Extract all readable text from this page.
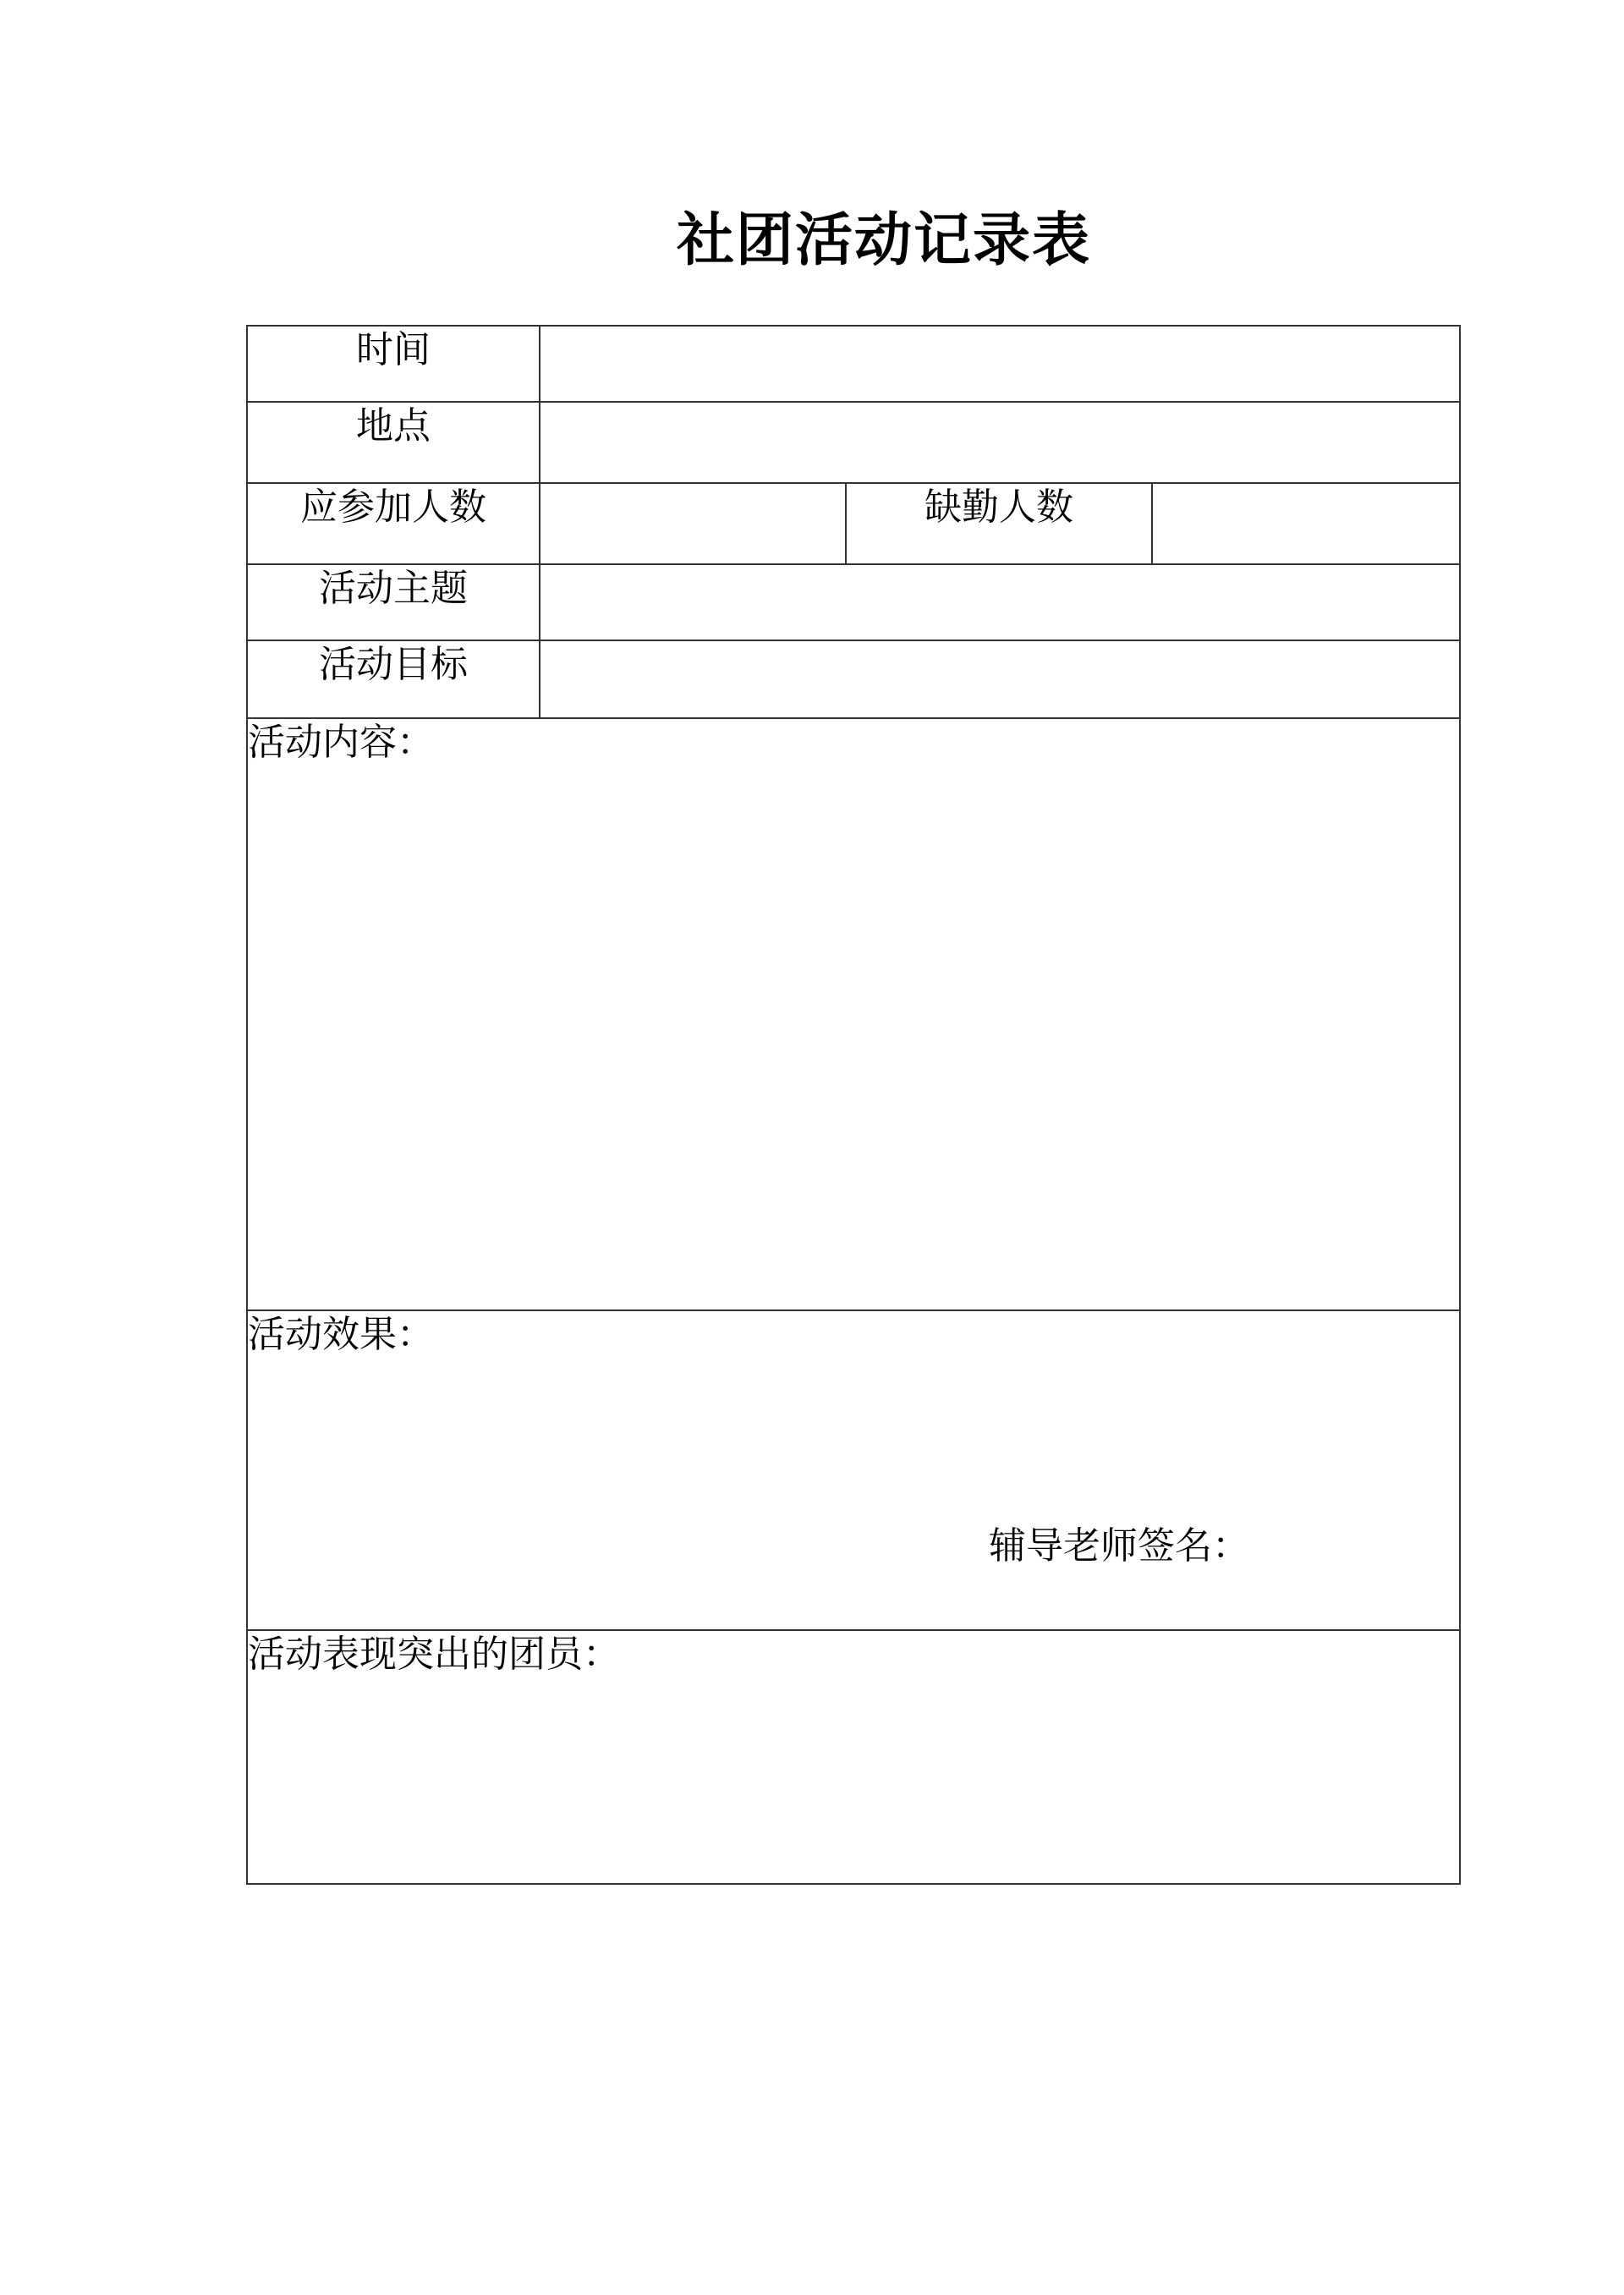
社团活动记录表
时间			
地点			
应参加人数		缺勤人数	
活动主题			
活动目标			
活动内容：			
活动效果：
辅导老师签名：			

活动表现突出的团员：			
